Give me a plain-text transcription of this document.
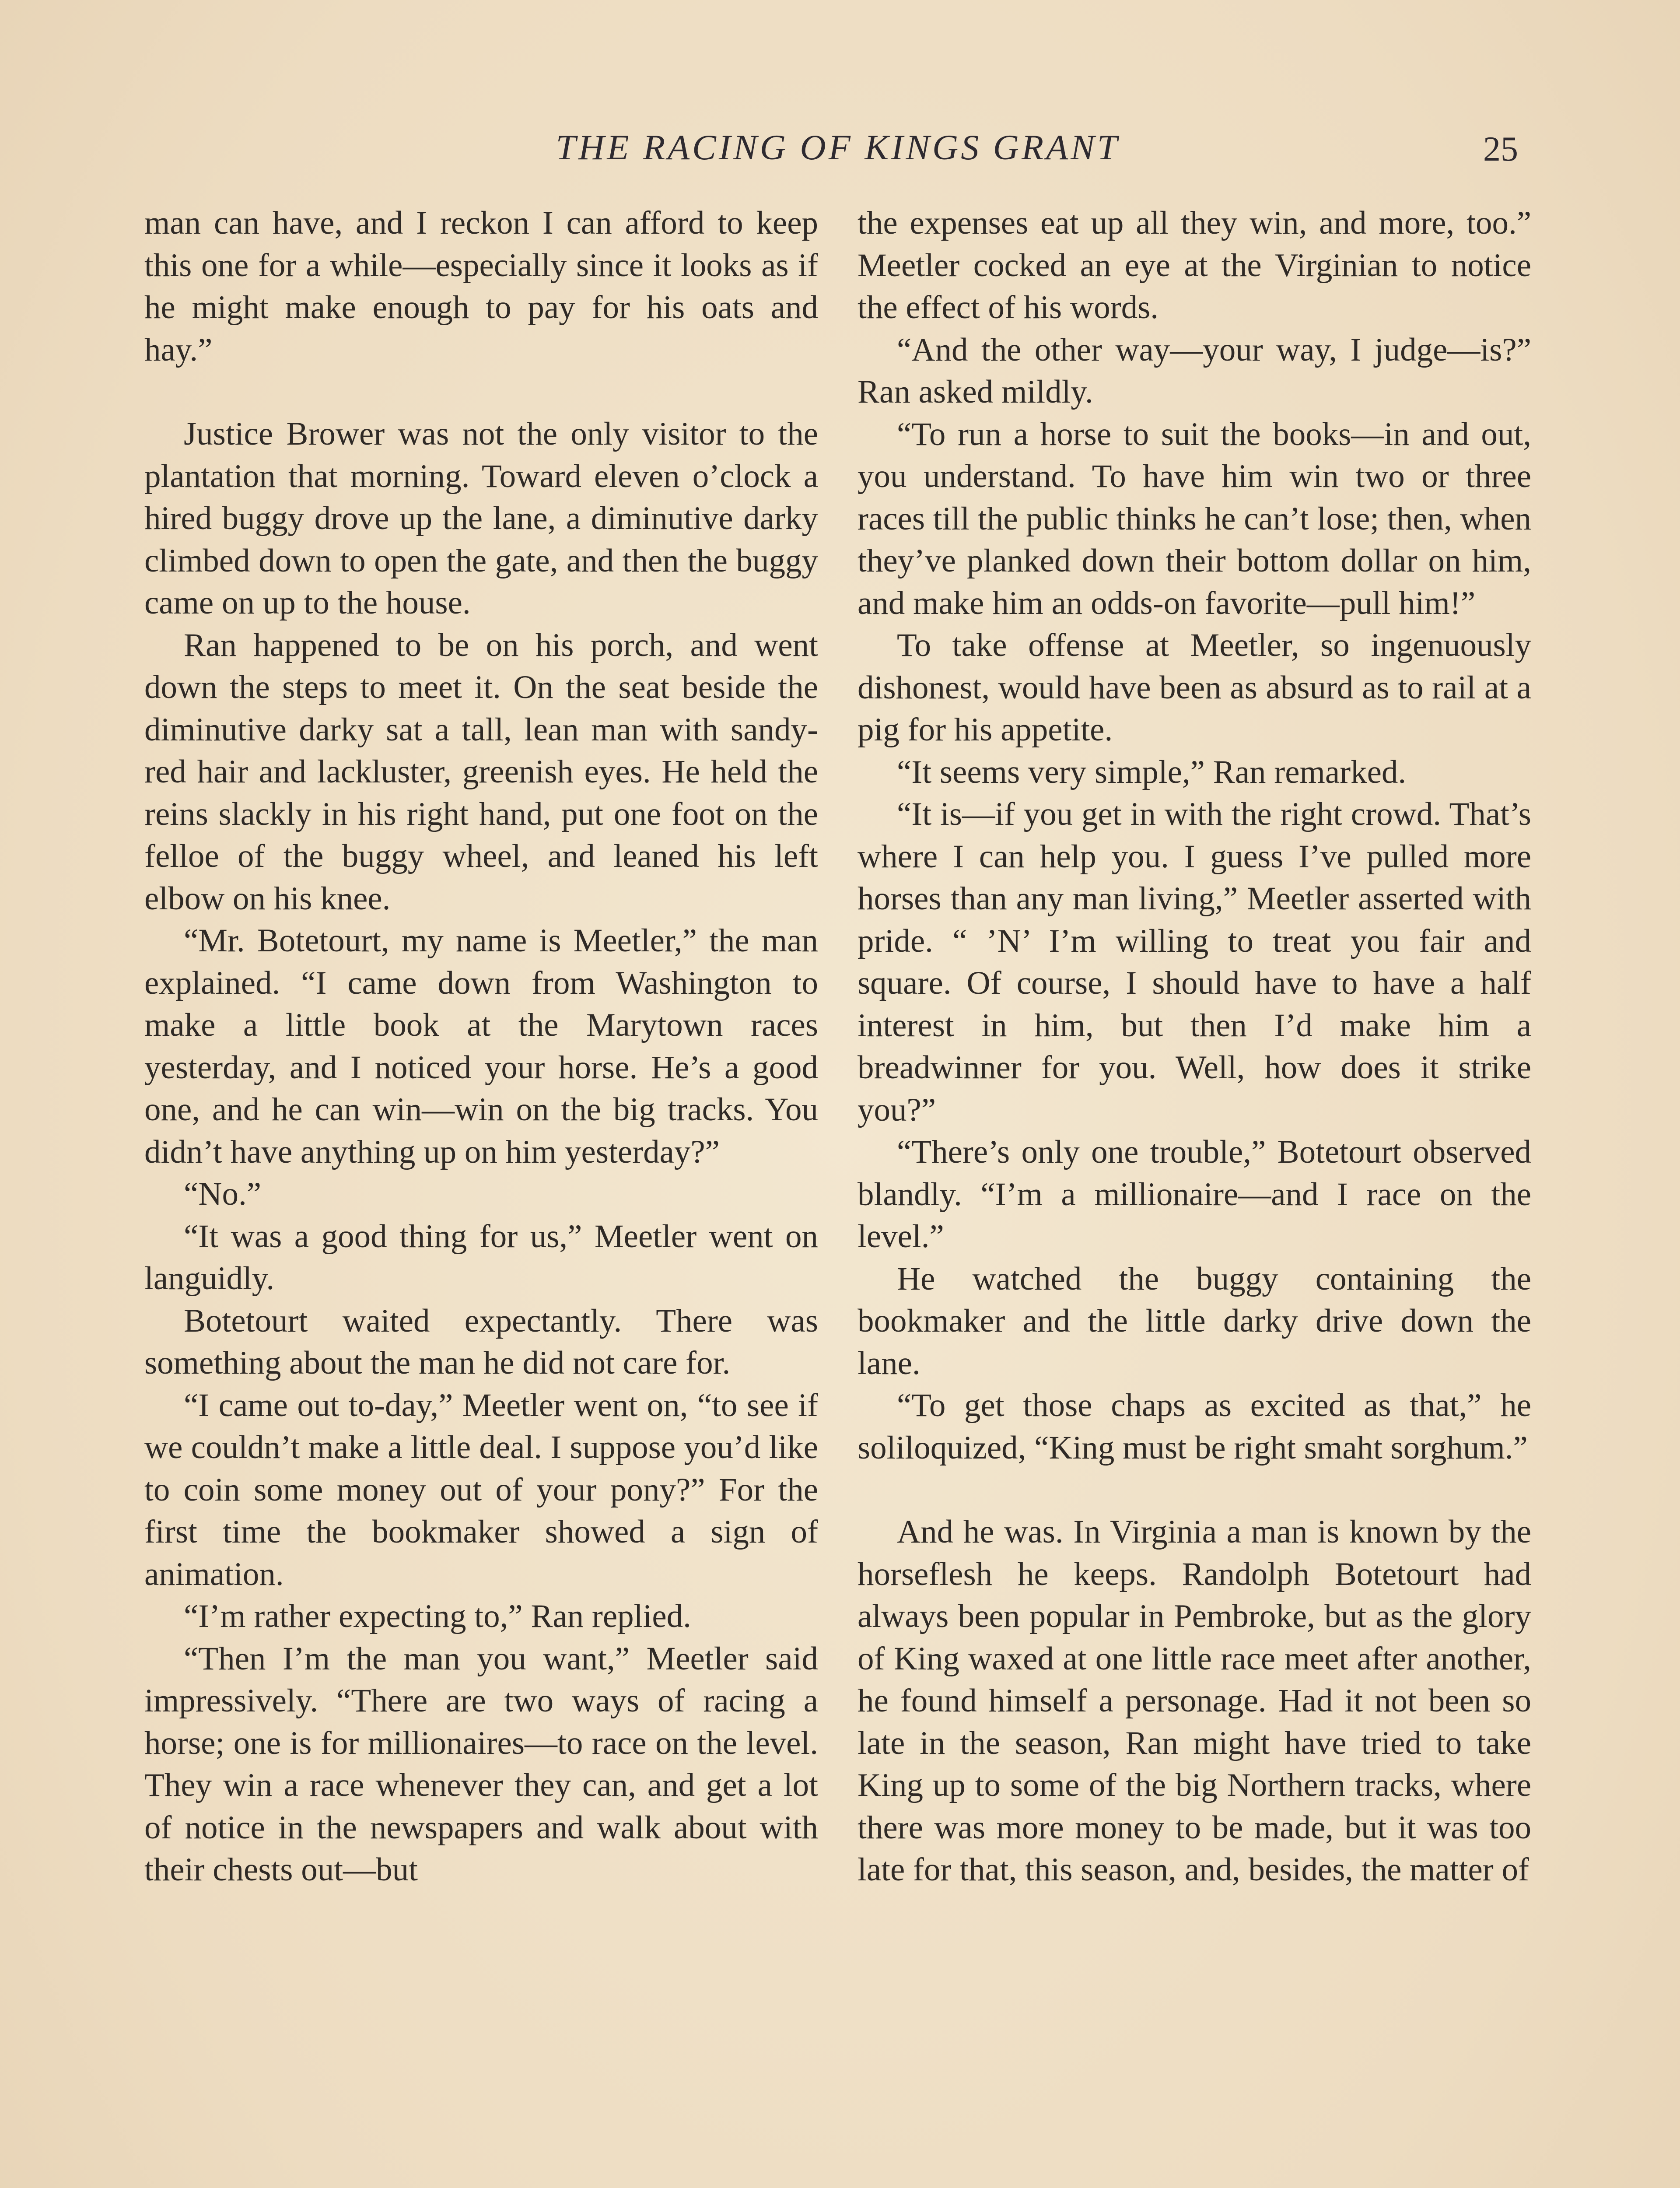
THE RACING OF KINGS GRANT	25

man can have, and I reckon I can afford to keep this one for a while—especially since it looks as if he might make enough to pay for his oats and hay.”

Justice Brower was not the only visitor to the plantation that morning. Toward eleven o’clock a hired buggy drove up the lane, a diminutive darky climbed down to open the gate, and then the buggy came on up to the house.

Ran happened to be on his porch, and went down the steps to meet it. On the seat beside the diminutive darky sat a tall, lean man with sandy-red hair and lackluster, greenish eyes. He held the reins slackly in his right hand, put one foot on the felloe of the buggy wheel, and leaned his left elbow on his knee.

“Mr. Botetourt, my name is Meetler,” the man explained. “I came down from Washington to make a little book at the Marytown races yesterday, and I noticed your horse. He’s a good one, and he can win—win on the big tracks. You didn’t have anything up on him yesterday?”

“No.”

“It was a good thing for us,” Meetler went on languidly.

Botetourt waited expectantly. There was something about the man he did not care for.

“I came out to-day,” Meetler went on, “to see if we couldn’t make a little deal. I suppose you’d like to coin some money out of your pony?” For the first time the bookmaker showed a sign of animation.

“I’m rather expecting to,” Ran replied.

“Then I’m the man you want,” Meetler said impressively. “There are two ways of racing a horse; one is for millionaires—to race on the level. They win a race whenever they can, and get a lot of notice in the newspapers and walk about with their chests out—but

the expenses eat up all they win, and more, too.” Meetler cocked an eye at the Virginian to notice the effect of his words.

“And the other way—your way, I judge—is?” Ran asked mildly.

“To run a horse to suit the books—in and out, you understand. To have him win two or three races till the public thinks he can’t lose; then, when they’ve planked down their bottom dollar on him, and make him an odds-on favorite—pull him!”

To take offense at Meetler, so ingenuously dishonest, would have been as absurd as to rail at a pig for his appetite.

“It seems very simple,” Ran remarked.

“It is—if you get in with the right crowd. That’s where I can help you. I guess I’ve pulled more horses than any man living,” Meetler asserted with pride. “ ’N’ I’m willing to treat you fair and square. Of course, I should have to have a half interest in him, but then I’d make him a breadwinner for you. Well, how does it strike you?”

“There’s only one trouble,” Botetourt observed blandly. “I’m a millionaire—and I race on the level.”

He watched the buggy containing the bookmaker and the little darky drive down the lane.

“To get those chaps as excited as that,” he soliloquized, “King must be right smaht sorghum.”

And he was. In Virginia a man is known by the horseflesh he keeps. Randolph Botetourt had always been popular in Pembroke, but as the glory of King waxed at one little race meet after another, he found himself a personage. Had it not been so late in the season, Ran might have tried to take King up to some of the big Northern tracks, where there was more money to be made, but it was too late for that, this season, and, besides, the matter of
